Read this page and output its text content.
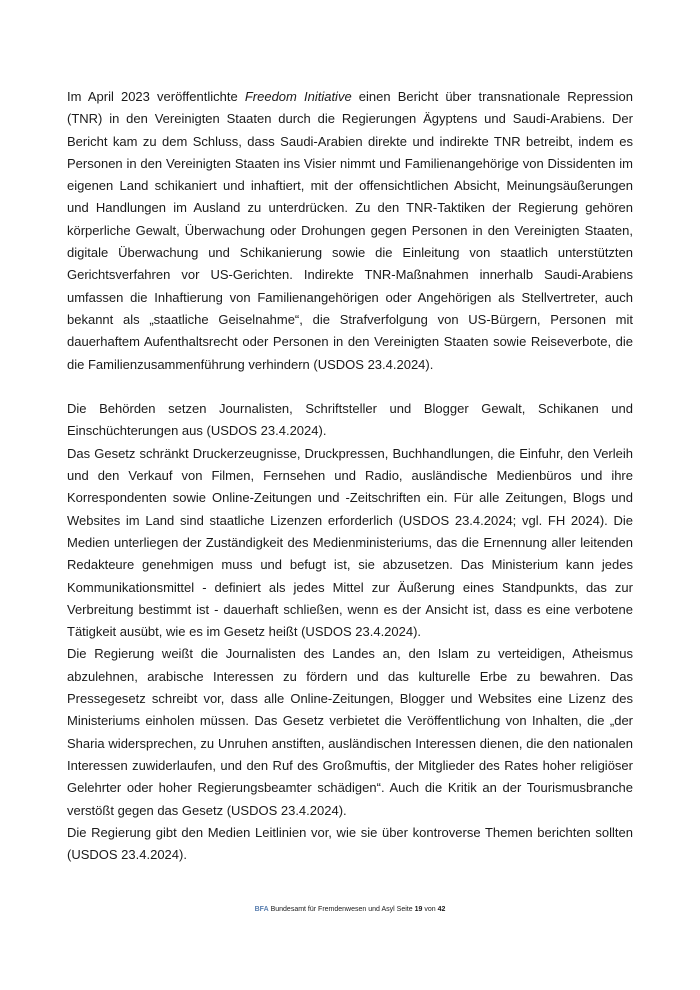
Im April 2023 veröffentlichte Freedom Initiative einen Bericht über transnationale Repression (TNR) in den Vereinigten Staaten durch die Regierungen Ägyptens und Saudi-Arabiens. Der Bericht kam zu dem Schluss, dass Saudi-Arabien direkte und indirekte TNR betreibt, indem es Personen in den Vereinigten Staaten ins Visier nimmt und Familienangehörige von Dissidenten im eigenen Land schikaniert und inhaftiert, mit der offensichtlichen Absicht, Meinungsäußerungen und Handlungen im Ausland zu unterdrücken. Zu den TNR-Taktiken der Regierung gehören körperliche Gewalt, Überwachung oder Drohungen gegen Personen in den Vereinigten Staaten, digitale Überwachung und Schikanierung sowie die Einleitung von staatlich unterstützten Gerichtsverfahren vor US-Gerichten. Indirekte TNR-Maßnahmen innerhalb Saudi-Arabiens umfassen die Inhaftierung von Familienangehörigen oder Angehörigen als Stellvertreter, auch bekannt als „staatliche Geiselnahme“, die Strafverfolgung von US-Bürgern, Personen mit dauerhaftem Aufenthaltsrecht oder Personen in den Vereinigten Staaten sowie Reiseverbote, die die Familienzusammenführung verhindern (USDOS 23.4.2024).

Die Behörden setzen Journalisten, Schriftsteller und Blogger Gewalt, Schikanen und Einschüchterungen aus (USDOS 23.4.2024).

Das Gesetz schränkt Druckerzeugnisse, Druckpressen, Buchhandlungen, die Einfuhr, den Verleih und den Verkauf von Filmen, Fernsehen und Radio, ausländische Medienbüros und ihre Korrespondenten sowie Online-Zeitungen und -Zeitschriften ein. Für alle Zeitungen, Blogs und Websites im Land sind staatliche Lizenzen erforderlich (USDOS 23.4.2024; vgl. FH 2024). Die Medien unterliegen der Zuständigkeit des Medienministeriums, das die Ernennung aller leitenden Redakteure genehmigen muss und befugt ist, sie abzusetzen. Das Ministerium kann jedes Kommunikationsmittel - definiert als jedes Mittel zur Äußerung eines Standpunkts, das zur Verbreitung bestimmt ist - dauerhaft schließen, wenn es der Ansicht ist, dass es eine verbotene Tätigkeit ausübt, wie es im Gesetz heißt (USDOS 23.4.2024).

Die Regierung weißt die Journalisten des Landes an, den Islam zu verteidigen, Atheismus abzulehnen, arabische Interessen zu fördern und das kulturelle Erbe zu bewahren. Das Pressegesetz schreibt vor, dass alle Online-Zeitungen, Blogger und Websites eine Lizenz des Ministeriums einholen müssen. Das Gesetz verbietet die Veröffentlichung von Inhalten, die „der Sharia widersprechen, zu Unruhen anstiften, ausländischen Interessen dienen, die den nationalen Interessen zuwiderlaufen, und den Ruf des Großmuftis, der Mitglieder des Rates hoher religiöser Gelehrter oder hoher Regierungsbeamter schädigen“. Auch die Kritik an der Tourismusbranche verstößt gegen das Gesetz (USDOS 23.4.2024).

Die Regierung gibt den Medien Leitlinien vor, wie sie über kontroverse Themen berichten sollten (USDOS 23.4.2024).

BFA Bundesamt für Fremdenwesen und Asyl Seite 19 von 42
